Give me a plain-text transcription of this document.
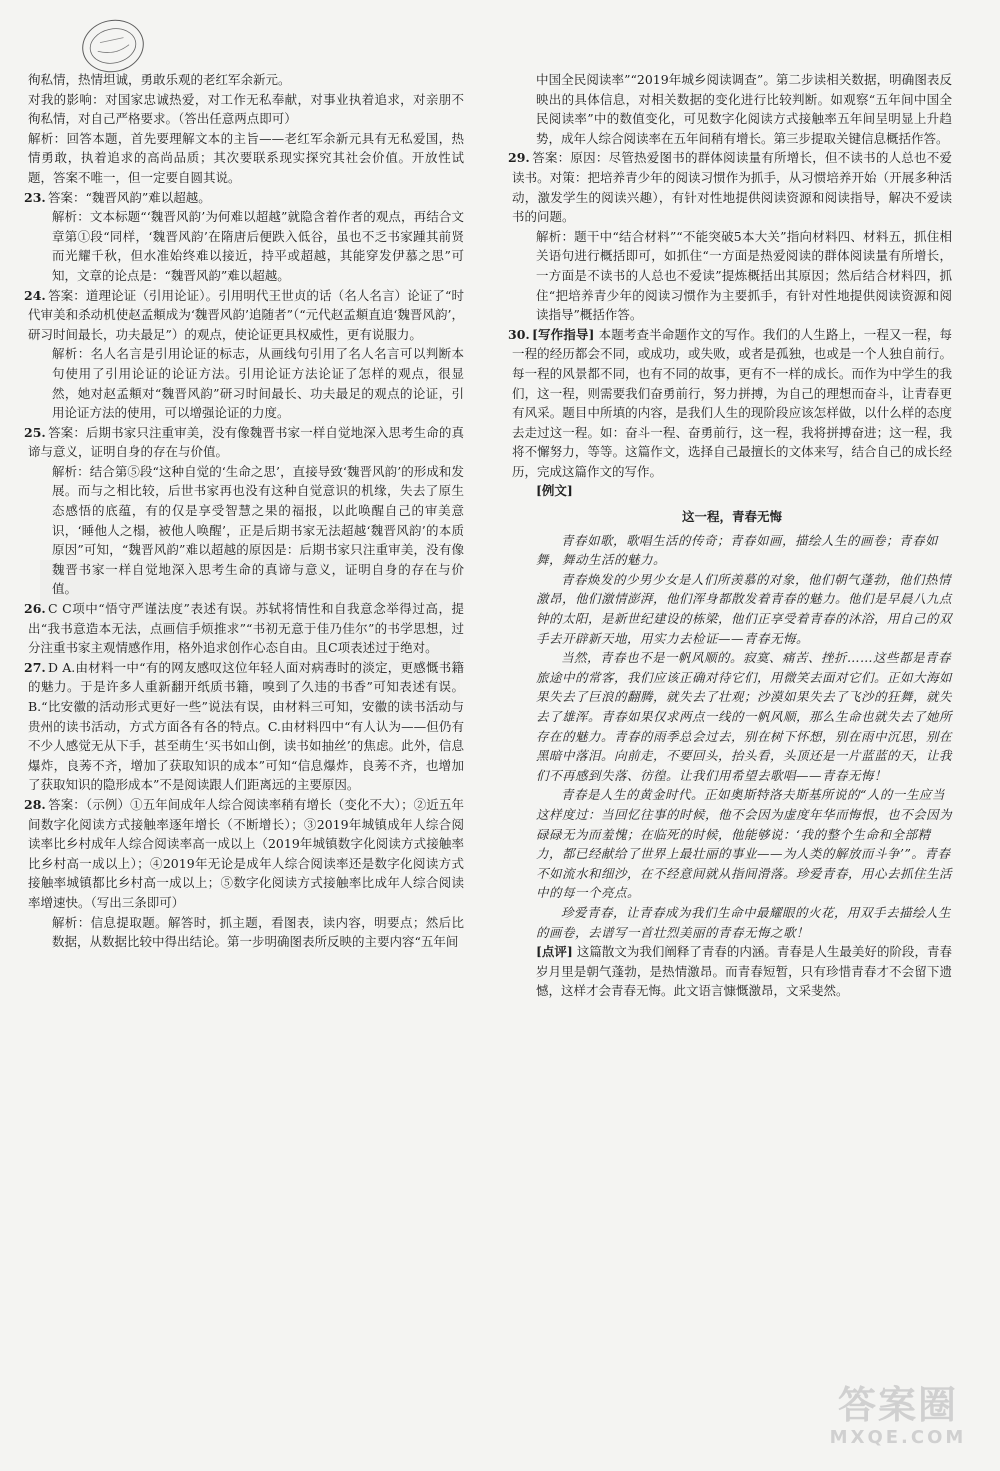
徇私情，热情坦诚，勇敢乐观的老红军余新元。

对我的影响：对国家忠诚热爱，对工作无私奉献，对事业执着追求，对亲朋不徇私情，对自己严格要求。（答出任意两点即可）

解析：回答本题，首先要理解文本的主旨——老红军余新元具有无私爱国，热情勇敢，执着追求的高尚品质；其次要联系现实探究其社会价值。开放性试题，答案不唯一，但一定要自圆其说。

23. 答案：“魏晋风韵”难以超越。

解析：文本标题“‘魏晋风韵’为何难以超越”就隐含着作者的观点，再结合文章第①段“同样，‘魏晋风韵’在隋唐后便跌入低谷，虽也不乏书家踵其前贤而光耀千秋，但水准始终难以接近，持平或超越，其能穿发伊慕之思”可知，文章的论点是：“魏晋风韵”难以超越。

24. 答案：道理论证（引用论证）。引用明代王世贞的话（名人名言）论证了“时代审美和杀动机使赵孟頫成为‘魏晋风韵’追随者”（“元代赵孟頫直追‘魏晋风韵’，研习时间最长，功夫最足”）的观点，使论证更具权威性，更有说服力。

解析：名人名言是引用论证的标志，从画线句引用了名人名言可以判断本句使用了引用论证的论证方法。引用论证方法论证了怎样的观点，很显然，她对赵孟頫对“魏晋风韵”研习时间最长、功夫最足的观点的论证，引用论证方法的使用，可以增强论证的力度。

25. 答案：后期书家只注重审美，没有像魏晋书家一样自觉地深入思考生命的真谛与意义，证明自身的存在与价值。

解析：结合第⑤段“这种自觉的‘生命之思’，直接导致‘魏晋风韵’的形成和发展。而与之相比较，后世书家再也没有这种自觉意识的机缘，失去了原生态感悟的底蕴，有的仅是享受智慧之果的福报，以此唤醒自己的审美意识，‘睡他人之榻，被他人唤醒’，正是后期书家无法超越‘魏晋风韵’的本质原因”可知，“魏晋风韵”难以超越的原因是：后期书家只注重审美，没有像魏晋书家一样自觉地深入思考生命的真谛与意义，证明自身的存在与价值。

26. C C项中“悟守严谨法度”表述有误。苏轼将情性和自我意念举得过高，提出“我书意造本无法，点画信手烦推求”“书初无意于佳乃佳尔”的书学思想，过分注重书家主观情感作用，格外追求创作心态自由。且C项表述过于绝对。

27. D A.由材料一中“有的网友感叹这位年轻人面对病毒时的淡定，更感慨书籍的魅力。于是许多人重新翻开纸质书籍，嗅到了久违的书香”可知表述有误。B.“比安徽的活动形式更好一些”说法有误，由材料三可知，安徽的读书活动与贵州的读书活动，方式方面各有各的特点。C.由材料四中“有人认为——但仍有不少人感觉无从下手，甚至萌生‘买书如山倒，读书如抽丝’的焦虑。此外，信息爆炸，良莠不齐，增加了获取知识的成本”可知“信息爆炸，良莠不齐，也增加了获取知识的隐形成本”不是阅读跟人们距离远的主要原因。

28. 答案：（示例）①五年间成年人综合阅读率稍有增长（变化不大）；②近五年间数字化阅读方式接触率逐年增长（不断增长）；③2019年城镇成年人综合阅读率比乡村成年人综合阅读率高一成以上（2019年城镇数字化阅读方式接触率比乡村高一成以上）；④2019年无论是成年人综合阅读率还是数字化阅读方式接触率城镇都比乡村高一成以上；⑤数字化阅读方式接触率比成年人综合阅读率增速快。（写出三条即可）

解析：信息提取题。解答时，抓主题，看图表，读内容，明要点；然后比数据，从数据比较中得出结论。第一步明确图表所反映的主要内容“五年间

中国全民阅读率”“2019年城乡阅读调查”。第二步读相关数据，明确图表反映出的具体信息，对相关数据的变化进行比较判断。如观察“五年间中国全民阅读率”中的数值变化，可见数字化阅读方式接触率五年间呈明显上升趋势，成年人综合阅读率在五年间稍有增长。第三步提取关键信息概括作答。

29. 答案：原因：尽管热爱图书的群体阅读量有所增长，但不读书的人总也不爱读书。对策：把培养青少年的阅读习惯作为抓手，从习惯培养开始（开展多种活动，激发学生的阅读兴趣），有针对性地提供阅读资源和阅读指导，解决不爱读书的问题。

解析：题干中“结合材料”“不能突破5本大关”指向材料四、材料五，抓住相关语句进行概括即可，如抓住“一方面是热爱阅读的群体阅读量有所增长，一方面是不读书的人总也不爱读”提炼概括出其原因；然后结合材料四，抓住“把培养青少年的阅读习惯作为主要抓手，有针对性地提供阅读资源和阅读指导”概括作答。

30. [写作指导] 本题考查半命题作文的写作。我们的人生路上，一程又一程，每一程的经历都会不同，或成功，或失败，或者是孤独，也或是一个人独自前行。每一程的风景都不同，也有不同的故事，更有不一样的成长。而作为中学生的我们，这一程，则需要我们奋勇前行，努力拼搏，为自己的理想而奋斗，让青春更有风采。题目中所填的内容，是我们人生的现阶段应该怎样做，以什么样的态度去走过这一程。如：奋斗一程、奋勇前行，这一程，我将拼搏奋进；这一程，我将不懈努力，等等。这篇作文，选择自己最擅长的文体来写，结合自己的成长经历，完成这篇作文的写作。

[例文]

这一程，青春无悔

青春如歌，歌唱生活的传奇；青春如画，描绘人生的画卷；青春如舞，舞动生活的魅力。

青春焕发的少男少女是人们所羡慕的对象，他们朝气蓬勃，他们热情激昂，他们激情澎湃，他们浑身都散发着青春的魅力。他们是早晨八九点钟的太阳，是新世纪建设的栋梁，他们正享受着青春的沐浴，用自己的双手去开辟新天地，用实力去检证——青春无悔。

当然，青春也不是一帆风顺的。寂寞、痛苦、挫折……这些都是青春旅途中的常客，我们应该正确对待它们，用微笑去面对它们。正如大海如果失去了巨浪的翻腾，就失去了壮观；沙漠如果失去了飞沙的狂舞，就失去了雄浑。青春如果仅求两点一线的一帆风顺，那么生命也就失去了她所存在的魅力。青春的雨季总会过去，别在树下怀想，别在雨中沉思，别在黑暗中落泪。向前走，不要回头，抬头看，头顶还是一片蓝蓝的天，让我们不再感到失落、彷徨。让我们用希望去歌唱——青春无悔！

青春是人生的黄金时代。正如奥斯特洛夫斯基所说的“人的一生应当这样度过：当回忆往事的时候，他不会因为虚度年华而悔恨，也不会因为碌碌无为而羞愧；在临死的时候，他能够说：‘我的整个生命和全部精力，都已经献给了世界上最壮丽的事业——为人类的解放而斗争’”。青春不如流水和细沙，在不经意间就从指间滑落。珍爱青春，用心去抓住生活中的每一个亮点。

珍爱青春，让青春成为我们生命中最耀眼的火花，用双手去描绘人生的画卷，去谱写一首壮烈美丽的青春无悔之歌！

[点评] 这篇散文为我们阐释了青春的内涵。青春是人生最美好的阶段，青春岁月里是朝气蓬勃，是热情激昂。而青春短暂，只有珍惜青春才不会留下遗憾，这样才会青春无悔。此文语言慷慨激昂，文采斐然。

答案圈
MXQE.COM
